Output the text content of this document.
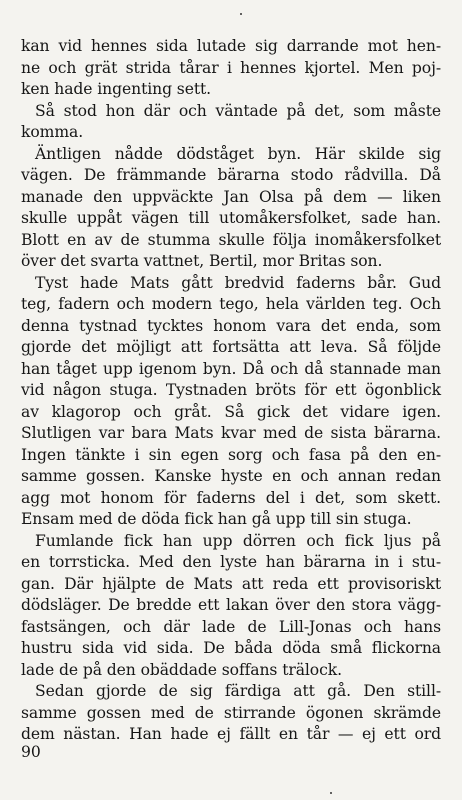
kan vid hennes sida lutade sig darrande mot hen-
ne och grät strida tårar i hennes kjortel. Men poj-
ken hade ingenting sett.
Så stod hon där och väntade på det, som måste
komma.
Äntligen nådde dödståget byn. Här skilde sig
vägen. De främmande bärarna stodo rådvilla. Då
manade den uppväckte Jan Olsa på dem — liken
skulle uppåt vägen till utomåkersfolket, sade han.
Blott en av de stumma skulle följa inomåkersfolket
över det svarta vattnet, Bertil, mor Britas son.
Tyst hade Mats gått bredvid faderns bår. Gud
teg, fadern och modern tego, hela världen teg. Och
denna tystnad tycktes honom vara det enda, som
gjorde det möjligt att fortsätta att leva. Så följde
han tåget upp igenom byn. Då och då stannade man
vid någon stuga. Tystnaden bröts för ett ögonblick
av klagorop och gråt. Så gick det vidare igen.
Slutligen var bara Mats kvar med de sista bärarna.
Ingen tänkte i sin egen sorg och fasa på den en-
samme gossen. Kanske hyste en och annan redan
agg mot honom för faderns del i det, som skett.
Ensam med de döda fick han gå upp till sin stuga.
Fumlande fick han upp dörren och fick ljus på
en torrsticka. Med den lyste han bärarna in i stu-
gan. Där hjälpte de Mats att reda ett provisoriskt
dödsläger. De bredde ett lakan över den stora vägg-
fastsängen, och där lade de Lill-Jonas och hans
hustru sida vid sida. De båda döda små flickorna
lade de på den obäddade soffans trälock.
Sedan gjorde de sig färdiga att gå. Den still-
samme gossen med de stirrande ögonen skrämde
dem nästan. Han hade ej fällt en tår — ej ett ord
90
